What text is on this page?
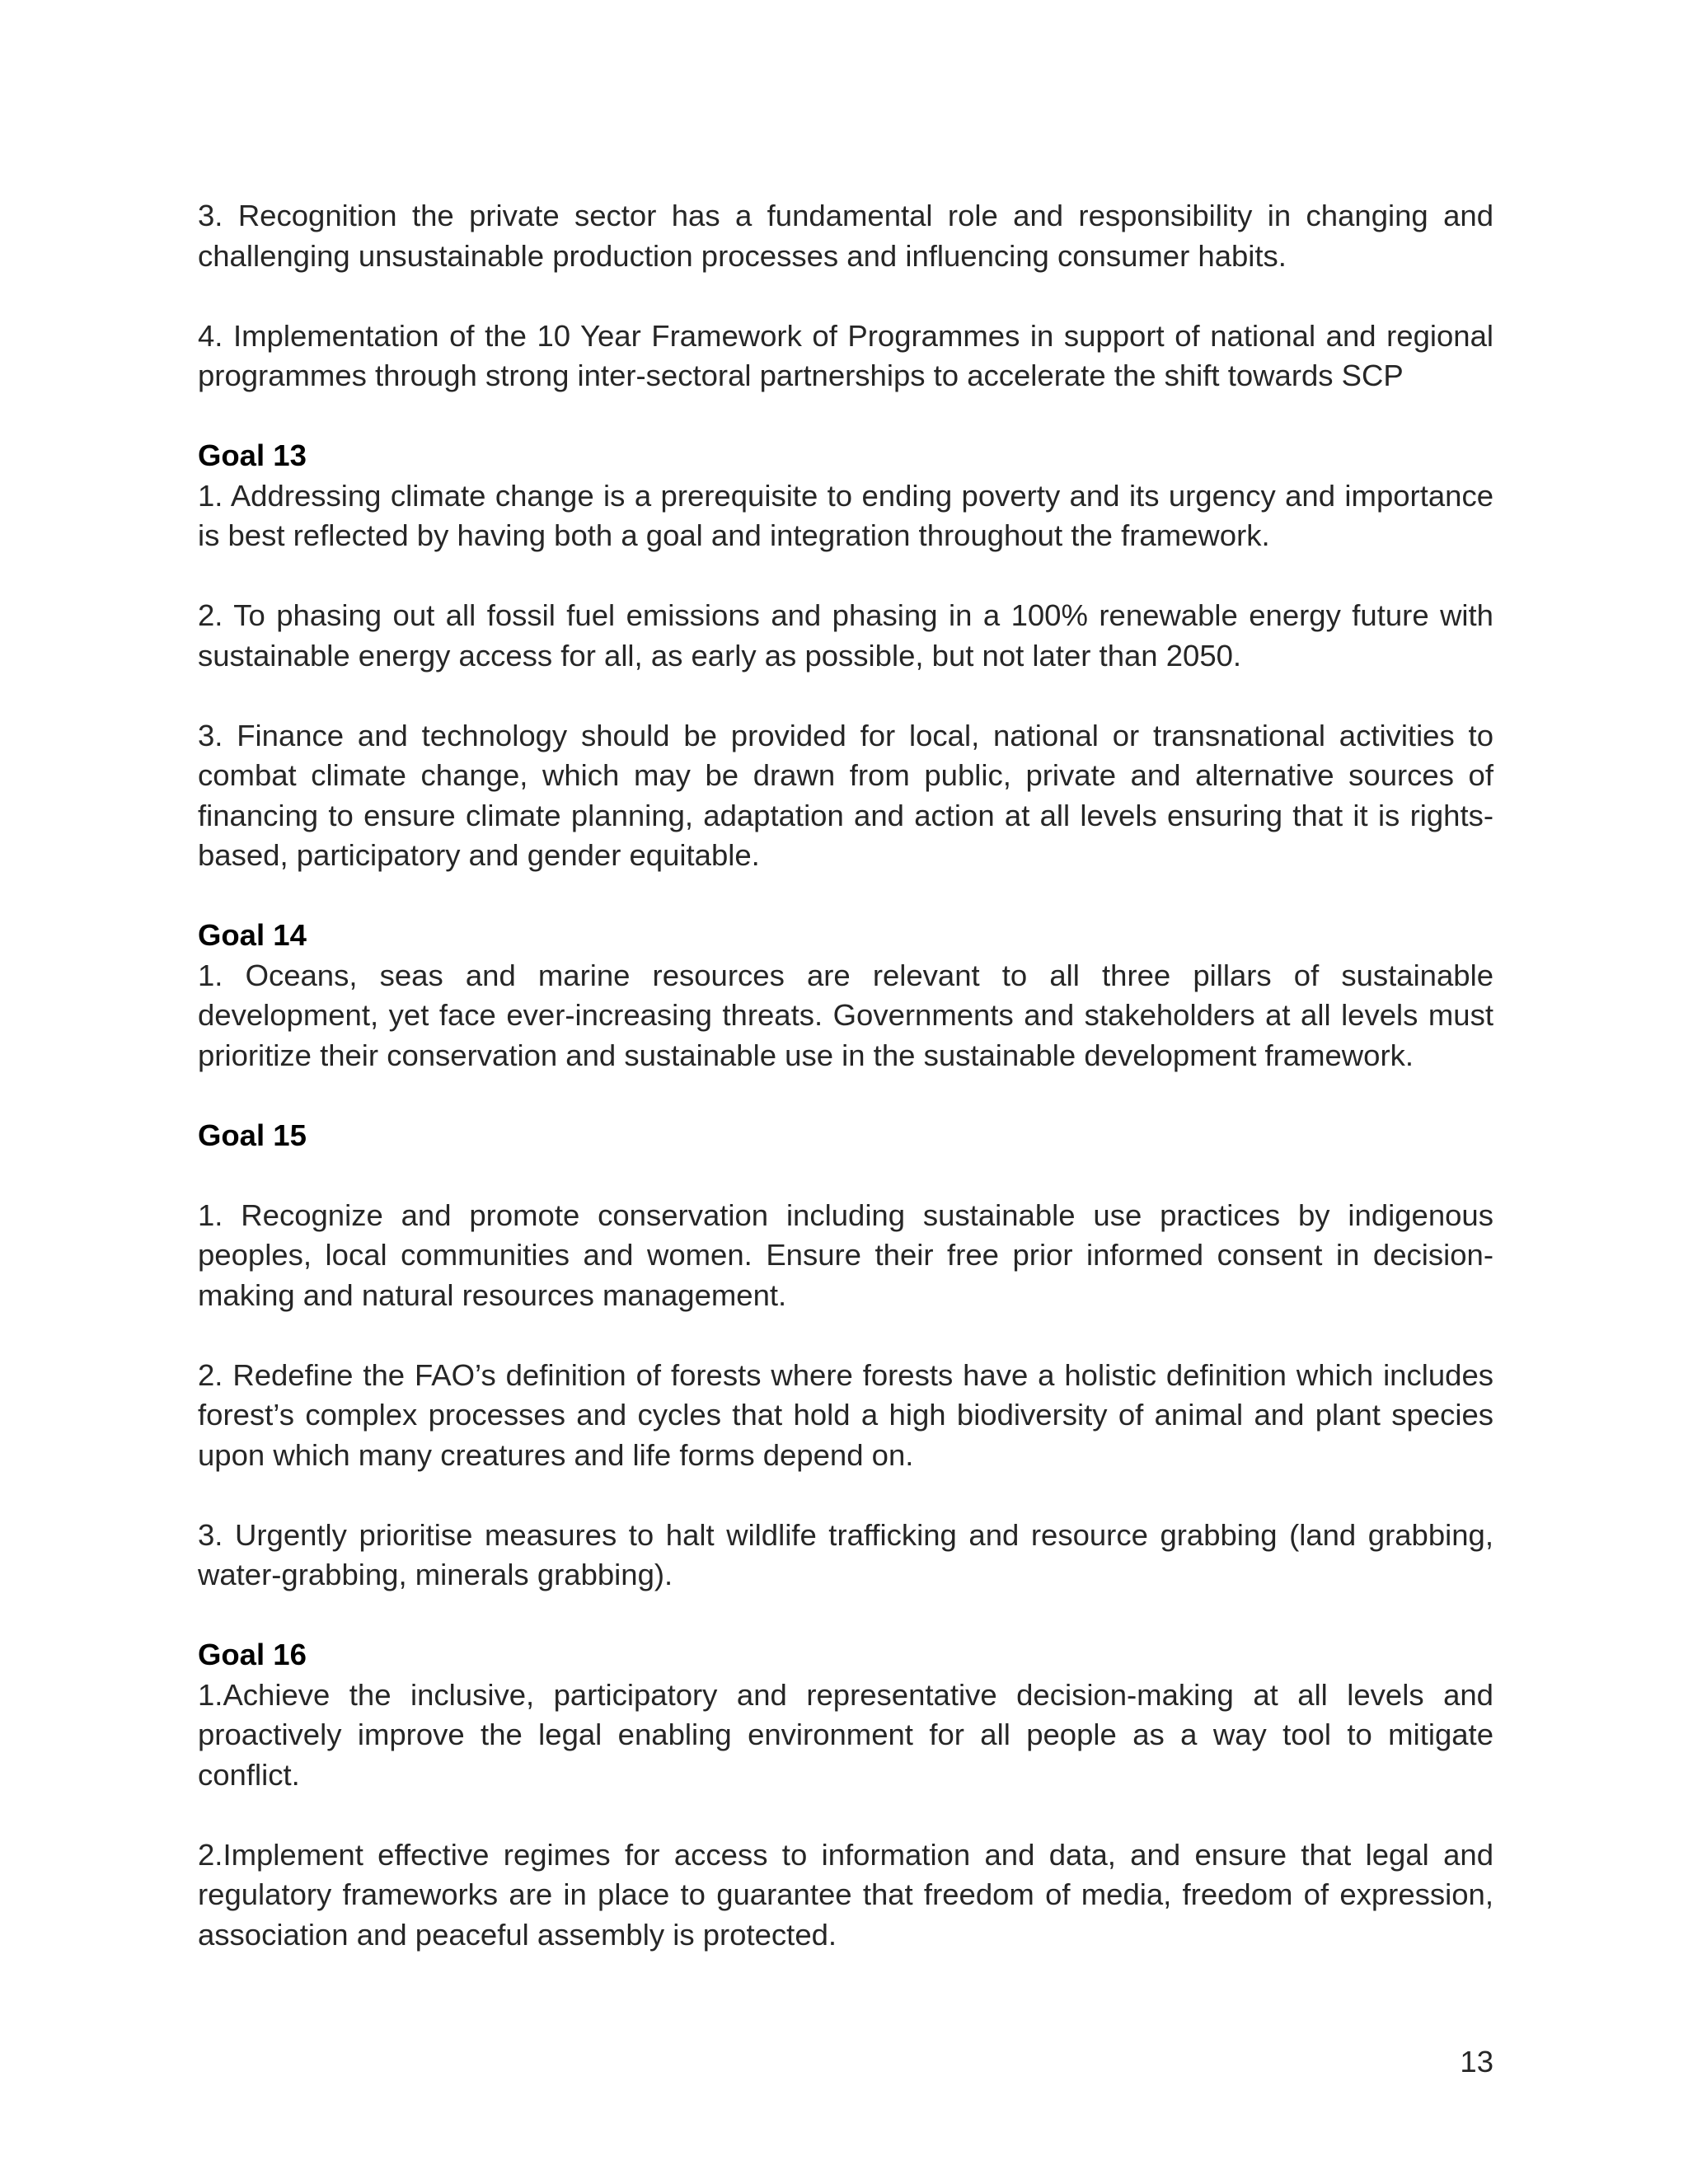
3. Recognition the private sector has a fundamental role and responsibility in changing and challenging unsustainable production processes and influencing consumer habits.

4. Implementation of the 10 Year Framework of Programmes in support of national and regional programmes through strong inter-sectoral partnerships to accelerate the shift towards SCP

Goal 13

1. Addressing climate change is a prerequisite to ending poverty and its urgency and importance is best reflected by having both a goal and integration throughout the framework.

2. To phasing out all fossil fuel emissions and phasing in a 100% renewable energy future with sustainable energy access for all, as early as possible, but not later than 2050.

3. Finance and technology should be provided for local, national or transnational activities to combat climate change, which may be drawn from public, private and alternative sources of financing to ensure climate planning, adaptation and action at all levels ensuring that it is rights-based, participatory and gender equitable.

Goal 14

1. Oceans, seas and marine resources are relevant to all three pillars of sustainable development, yet face ever-increasing threats. Governments and stakeholders at all levels must prioritize their conservation and sustainable use in the sustainable development framework.

Goal 15

1. Recognize and promote conservation including sustainable use practices by indigenous peoples, local communities and women. Ensure their free prior informed consent in decision-making and natural resources management.

2. Redefine the FAO’s definition of forests where forests have a holistic definition which includes forest’s complex processes and cycles that hold a high biodiversity of animal and plant species upon which many creatures and life forms depend on.

3. Urgently prioritise measures to halt wildlife trafficking and resource grabbing (land grabbing, water-grabbing, minerals grabbing).

Goal 16

1.Achieve the inclusive, participatory and representative decision-making at all levels and proactively improve the legal enabling environment for all people as a way tool to mitigate conflict.

2.Implement effective regimes for access to information and data, and ensure that legal and regulatory frameworks are in place to guarantee that freedom of media, freedom of expression, association and peaceful assembly is protected.

13
